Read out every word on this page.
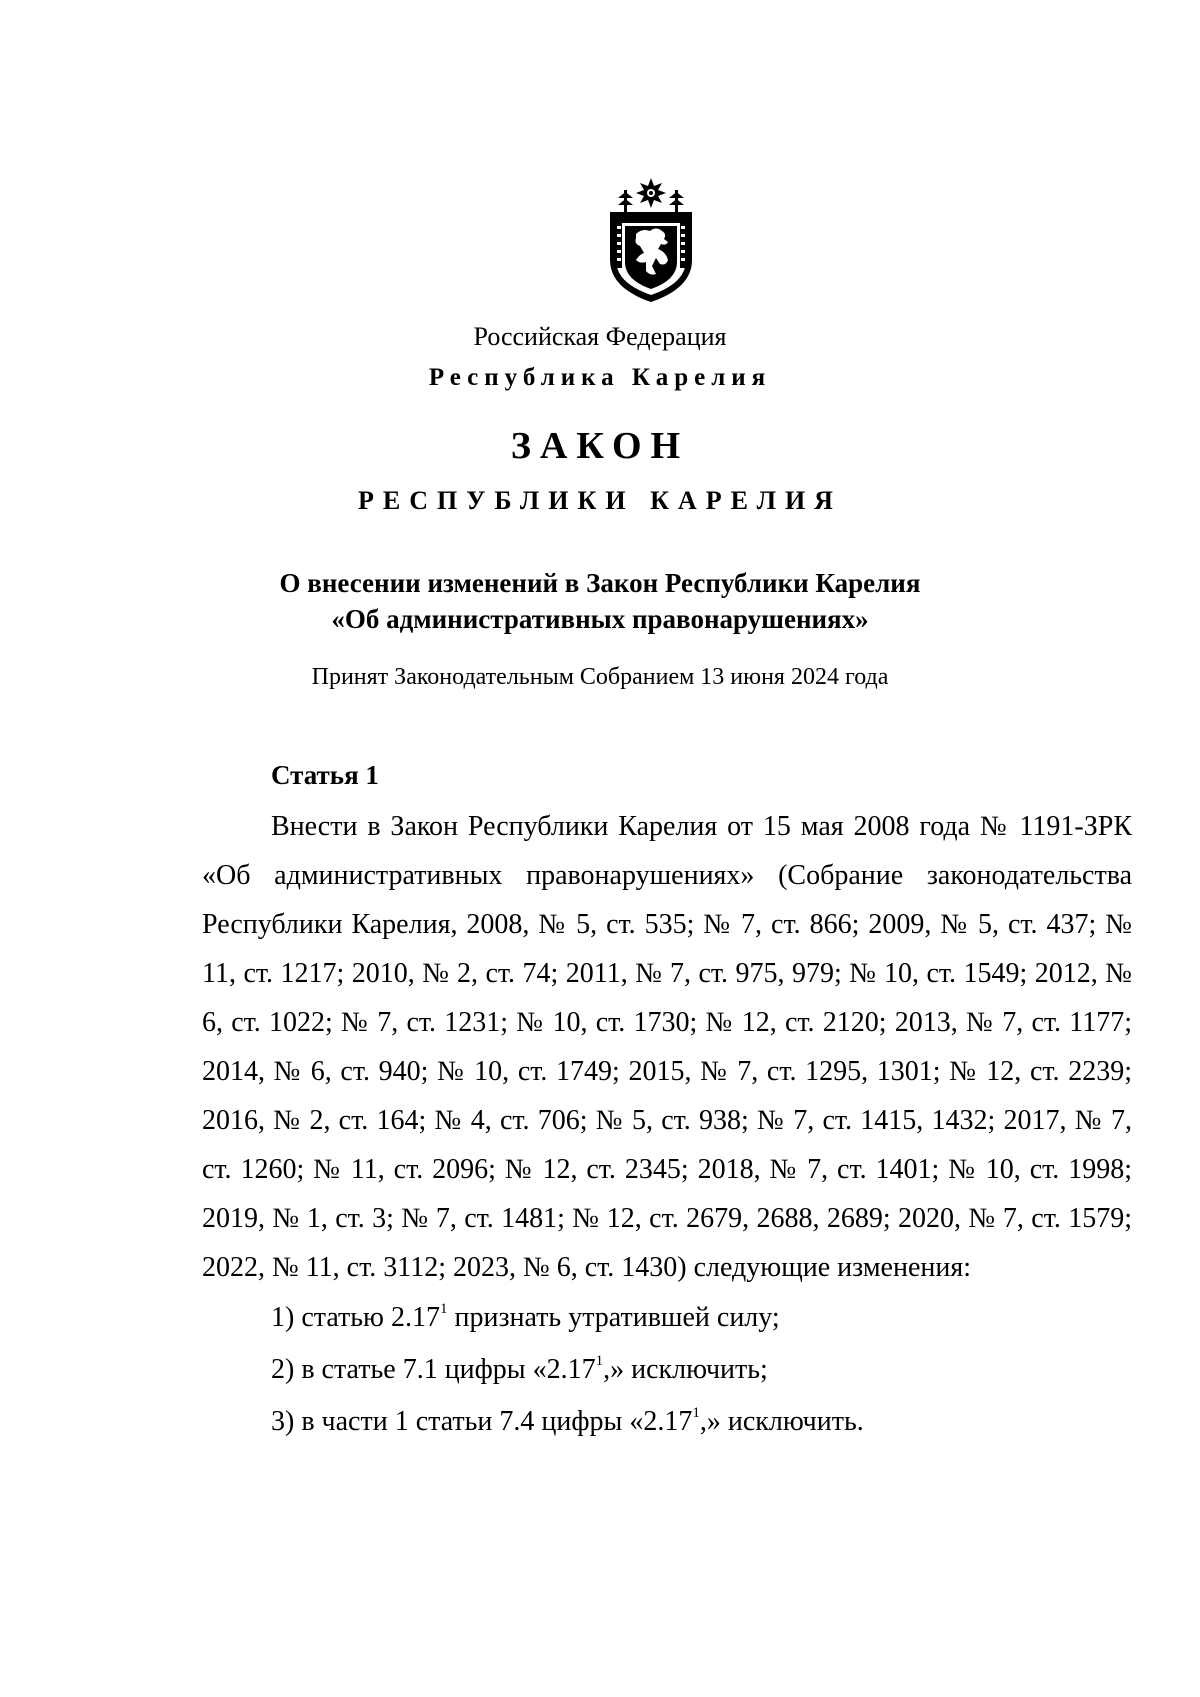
Российская Федерация
Республика Карелия
ЗАКОН
РЕСПУБЛИКИ КАРЕЛИЯ
О внесении изменений в Закон Республики Карелия
«Об административных правонарушениях»
Принят Законодательным Собранием 13 июня 2024 года
Статья 1

Внести в Закон Республики Карелия от 15 мая 2008 года № 1191-ЗРК «Об административных правонарушениях» (Собрание законодательства Республики Карелия, 2008, № 5, ст. 535; № 7, ст. 866; 2009, № 5, ст. 437; № 11, ст. 1217; 2010, № 2, ст. 74; 2011, № 7, ст. 975, 979; № 10, ст. 1549; 2012, № 6, ст. 1022; № 7, ст. 1231; № 10, ст. 1730; № 12, ст. 2120; 2013, № 7, ст. 1177; 2014, № 6, ст. 940; № 10, ст. 1749; 2015, № 7, ст. 1295, 1301; № 12, ст. 2239; 2016, № 2, ст. 164; № 4, ст. 706; № 5, ст. 938; № 7, ст. 1415, 1432; 2017, № 7, ст. 1260; № 11, ст. 2096; № 12, ст. 2345; 2018, № 7, ст. 1401; № 10, ст. 1998; 2019, № 1, ст. 3; № 7, ст. 1481; № 12, ст. 2679, 2688, 2689; 2020, № 7, ст. 1579; 2022, № 11, ст. 3112; 2023, № 6, ст. 1430) следующие изменения:

1) статью 2.17$^1$ признать утратившей силу;

2) в статье 7.1 цифры «2.17$^1$,» исключить;

3) в части 1 статьи 7.4 цифры «2.17$^1$,» исключить.
